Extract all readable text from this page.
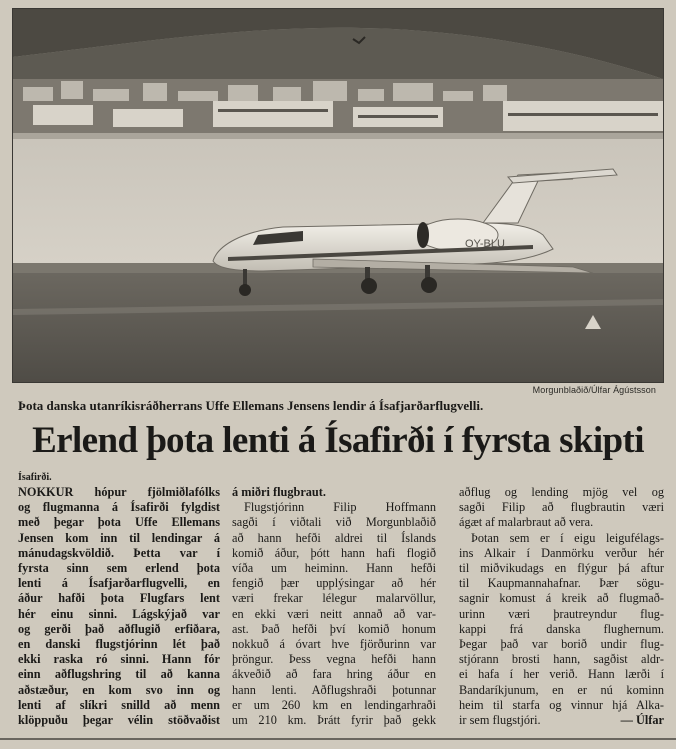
OY-BLU
Morgunblaðið/Úlfar Ágústsson
Þota danska utanríkisráðherrans Uffe Ellemans Jensens lendir á Ísafjarðarflugvelli.
Erlend þota lenti á Ísafirði í fyrsta skipti
Ísafirði.
NOKKUR hópur fjölmiðlafólks
og flugmanna á Ísafirði fylgdist
með þegar þota Uffe Ellemans
Jensen kom inn til lendingar á
mánudagskvöldið. Þetta var í
fyrsta sinn sem erlend þota
lenti á Ísafjarðarflugvelli, en
áður hafði þota Flugfars lent
hér einu sinni. Lágskýjað var
og gerði það aðflugið erfiðara,
en danski flugstjórinn lét það
ekki raska ró sinni. Hann fór
einn aðflugshring til að kanna
aðstæður, en kom svo inn og
lenti af slíkri snilld að menn
klöppuðu þegar vélin stöðvaðist
á miðri flugbraut.
Flugstjórinn Filip Hoffmann
sagði í viðtali við Morgunblaðið
að hann hefði aldrei til Íslands
komið áður, þótt hann hafi flogið
víða um heiminn. Hann hefði
fengið þær upplýsingar að hér
væri frekar lélegur malarvöllur,
en ekki væri neitt annað að var-
ast. Það hefði því komið honum
nokkuð á óvart hve fjörðurinn var
þröngur. Þess vegna hefði hann
ákveðið að fara hring áður en
hann lenti. Aðflugshraði þotunnar
er um 260 km en lendingarhraði
um 210 km. Þrátt fyrir það gekk
aðflug og lending mjög vel og
sagði Filip að flugbrautin væri
ágæt af malarbraut að vera.
Þotan sem er í eigu leigufélags-
ins Alkair í Danmörku verður hér
til miðvikudags en flýgur þá aftur
til Kaupmannahafnar. Þær sögu-
sagnir komust á kreik að flugmað-
urinn væri þrautreyndur flug-
kappi frá danska flughernum.
Þegar það var borið undir flug-
stjórann brosti hann, sagðist aldr-
ei hafa í her verið. Hann lærði í
Bandaríkjunum, en er nú kominn
heim til starfa og vinnur hjá Alka-
ir sem flugstjóri.	— Úlfar
